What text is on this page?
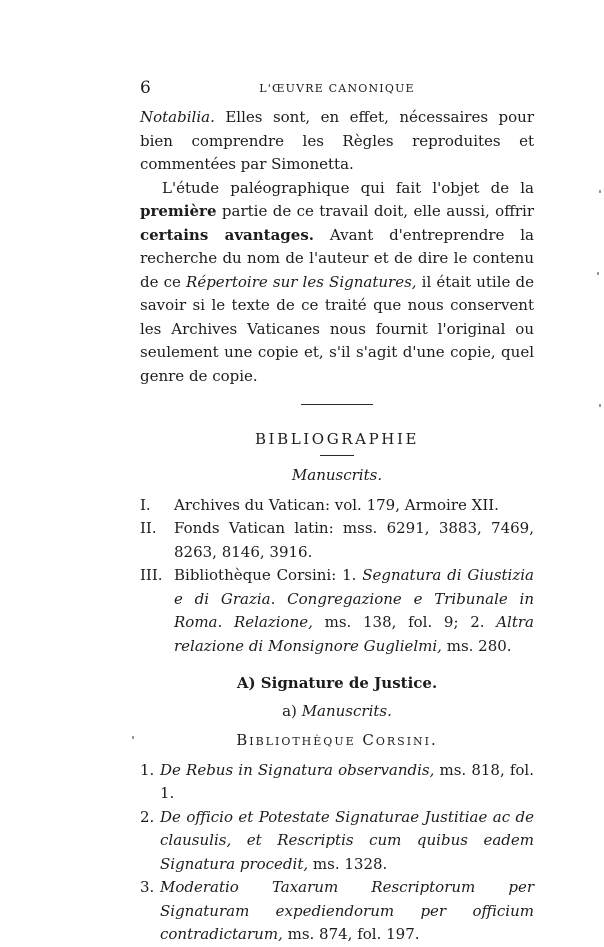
6	L'ŒUVRE CANONIQUE

Notabilia. Elles sont, en effet, nécessaires pour bien comprendre les Règles reproduites et commentées par Simonetta.

L'étude paléographique qui fait l'objet de la première partie de ce travail doit, elle aussi, offrir certains avantages. Avant d'entreprendre la recherche du nom de l'auteur et de dire le contenu de ce Répertoire sur les Signatures, il était utile de savoir si le texte de ce traité que nous conservent les Archives Vaticanes nous fournit l'original ou seulement une copie et, s'il s'agit d'une copie, quel genre de copie.

BIBLIOGRAPHIE
Manuscrits.
I. Archives du Vatican: vol. 179, Armoire XII.
II. Fonds Vatican latin: mss. 6291, 3883, 7469, 8263, 8146, 3916.
III. Bibliothèque Corsini: 1. Segnatura di Giustizia e di Grazia. Congregazione e Tribunale in Roma. Relazione, ms. 138, fol. 9; 2. Altra relazione di Monsignore Guglielmi, ms. 280.
A) Signature de Justice.
a) Manuscrits.
Bibliothèque Corsini.
1. De Rebus in Signatura observandis, ms. 818, fol. 1.
2. De officio et Potestate Signaturae Justitiae ac de clausulis, et Rescriptis cum quibus eadem Signatura procedit, ms. 1328.
3. Moderatio Taxarum Rescriptorum per Signaturam expediendorum per officium contradictarum, ms. 874, fol. 197.
